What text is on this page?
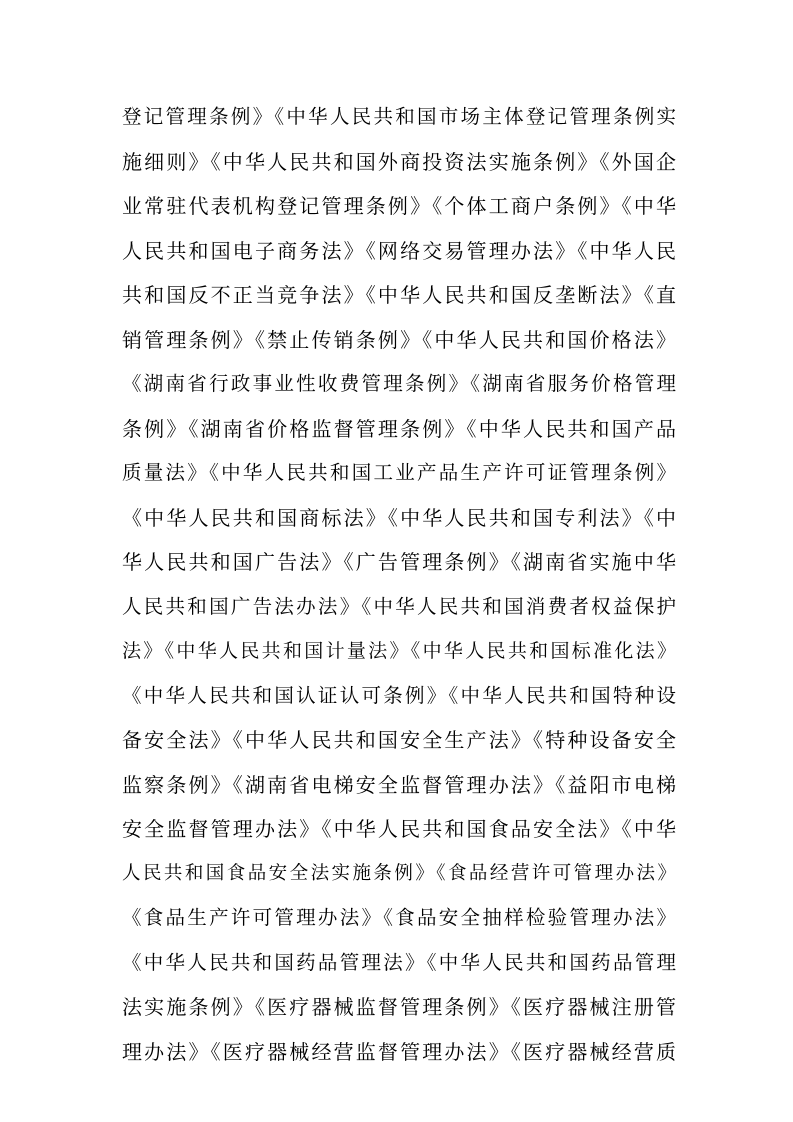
登记管理条例》《中华人民共和国市场主体登记管理条例实
施细则》《中华人民共和国外商投资法实施条例》《外国企
业常驻代表机构登记管理条例》《个体工商户条例》《中华
人民共和国电子商务法》《网络交易管理办法》《中华人民
共和国反不正当竞争法》《中华人民共和国反垄断法》《直
销管理条例》《禁止传销条例》《中华人民共和国价格法》
《湖南省行政事业性收费管理条例》《湖南省服务价格管理
条例》《湖南省价格监督管理条例》《中华人民共和国产品
质量法》《中华人民共和国工业产品生产许可证管理条例》
《中华人民共和国商标法》《中华人民共和国专利法》《中
华人民共和国广告法》《广告管理条例》《湖南省实施中华
人民共和国广告法办法》《中华人民共和国消费者权益保护
法》《中华人民共和国计量法》《中华人民共和国标准化法》
《中华人民共和国认证认可条例》《中华人民共和国特种设
备安全法》《中华人民共和国安全生产法》《特种设备安全
监察条例》《湖南省电梯安全监督管理办法》《益阳市电梯
安全监督管理办法》《中华人民共和国食品安全法》《中华
人民共和国食品安全法实施条例》《食品经营许可管理办法》
《食品生产许可管理办法》《食品安全抽样检验管理办法》
《中华人民共和国药品管理法》《中华人民共和国药品管理
法实施条例》《医疗器械监督管理条例》《医疗器械注册管
理办法》《医疗器械经营监督管理办法》《医疗器械经营质
